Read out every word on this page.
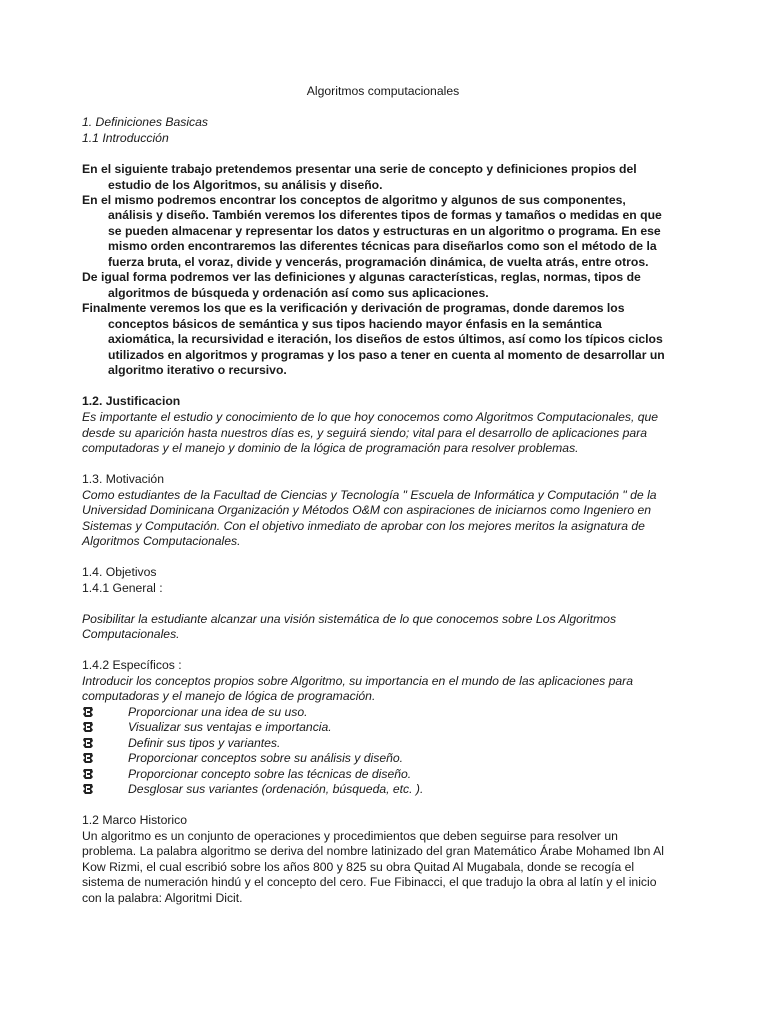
Algoritmos computacionales
1. Definiciones Basicas
1.1 Introducción
En el siguiente trabajo pretendemos presentar una serie de concepto y definiciones propios del
estudio de los Algoritmos, su análisis y diseño.
En el mismo podremos encontrar los conceptos de algoritmo y algunos de sus componentes,
análisis y diseño. También veremos los diferentes tipos de formas y tamaños o medidas en que
se pueden almacenar y representar los datos y estructuras en un algoritmo o programa. En ese
mismo orden encontraremos las diferentes técnicas para diseñarlos como son el método de la
fuerza bruta, el voraz, divide y vencerás, programación dinámica, de vuelta atrás, entre otros.
De igual forma podremos ver las definiciones y algunas características, reglas, normas, tipos de
algoritmos de búsqueda y ordenación así como sus aplicaciones.
Finalmente veremos los que es la verificación y derivación de programas, donde daremos los
conceptos básicos de semántica y sus tipos haciendo mayor énfasis en la semántica
axiomática, la recursividad e iteración, los diseños de estos últimos, así como los típicos ciclos
utilizados en algoritmos y programas y los paso a tener en cuenta al momento de desarrollar un
algoritmo iterativo o recursivo.
1.2. Justificacion
Es importante el estudio y conocimiento de lo que hoy conocemos como Algoritmos Computacionales, que
desde su aparición hasta nuestros días es, y seguirá siendo; vital para el desarrollo de aplicaciones para
computadoras y el manejo y dominio de la lógica de programación para resolver problemas.
1.3. Motivación
Como estudiantes de la Facultad de Ciencias y Tecnología " Escuela de Informática y Computación " de la
Universidad Dominicana Organización y Métodos O&M con aspiraciones de iniciarnos como Ingeniero en
Sistemas y Computación. Con el objetivo inmediato de aprobar con los mejores meritos la asignatura de
Algoritmos Computacionales.
1.4. Objetivos
1.4.1 General :
Posibilitar la estudiante alcanzar una visión sistemática de lo que conocemos sobre Los Algoritmos
Computacionales.
1.4.2 Específicos :
Introducir los conceptos propios sobre Algoritmo, su importancia en el mundo de las aplicaciones para
computadoras y el manejo de lógica de programación.
Proporcionar una idea de su uso.
Visualizar sus ventajas e importancia.
Definir sus tipos y variantes.
Proporcionar conceptos sobre su análisis y diseño.
Proporcionar concepto sobre las técnicas de diseño.
Desglosar sus variantes (ordenación, búsqueda, etc. ).
1.2 Marco Historico
Un algoritmo es un conjunto de operaciones y procedimientos que deben seguirse para resolver un
problema. La palabra algoritmo se deriva del nombre latinizado del gran Matemático Árabe Mohamed Ibn Al
Kow Rizmi, el cual escribió sobre los años 800 y 825 su obra Quitad Al Mugabala, donde se recogía el
sistema de numeración hindú y el concepto del cero. Fue Fibinacci, el que tradujo la obra al latín y el inicio
con la palabra: Algoritmi Dicit.
